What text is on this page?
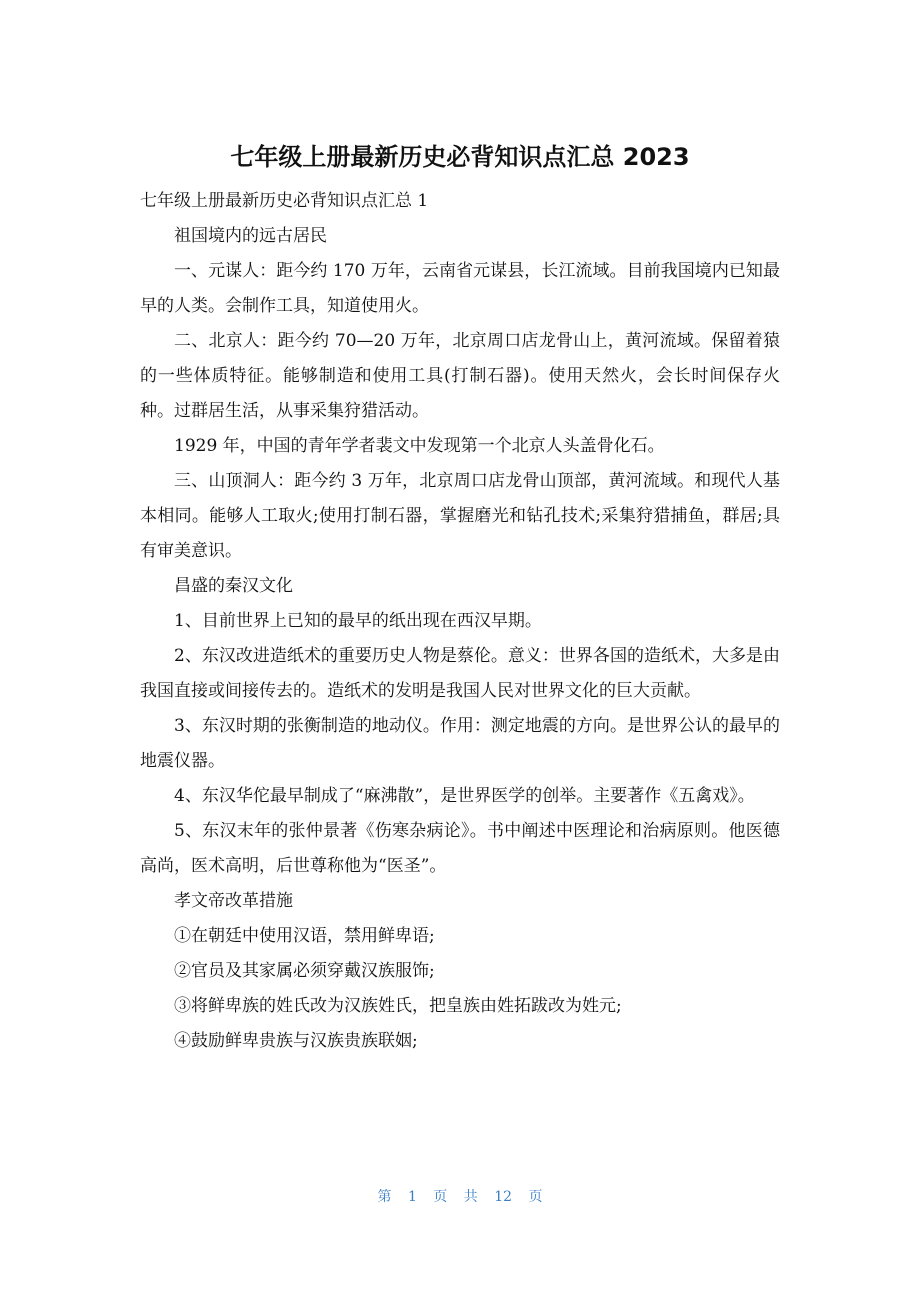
七年级上册最新历史必背知识点汇总 2023

七年级上册最新历史必背知识点汇总 1

祖国境内的远古居民

一、元谋人：距今约 170 万年，云南省元谋县，长江流域。目前我国境内已知最早的人类。会制作工具，知道使用火。

二、北京人：距今约 70—20 万年，北京周口店龙骨山上，黄河流域。保留着猿的一些体质特征。能够制造和使用工具(打制石器)。使用天然火，会长时间保存火种。过群居生活，从事采集狩猎活动。

1929 年，中国的青年学者裴文中发现第一个北京人头盖骨化石。

三、山顶洞人：距今约 3 万年，北京周口店龙骨山顶部，黄河流域。和现代人基本相同。能够人工取火;使用打制石器，掌握磨光和钻孔技术;采集狩猎捕鱼，群居;具有审美意识。

昌盛的秦汉文化

1、目前世界上已知的最早的纸出现在西汉早期。

2、东汉改进造纸术的重要历史人物是蔡伦。意义：世界各国的造纸术，大多是由我国直接或间接传去的。造纸术的发明是我国人民对世界文化的巨大贡献。

3、东汉时期的张衡制造的地动仪。作用：测定地震的方向。是世界公认的最早的地震仪器。

4、东汉华佗最早制成了“麻沸散”，是世界医学的创举。主要著作《五禽戏》。

5、东汉末年的张仲景著《伤寒杂病论》。书中阐述中医理论和治病原则。他医德高尚，医术高明，后世尊称他为“医圣”。

孝文帝改革措施

①在朝廷中使用汉语，禁用鲜卑语;

②官员及其家属必须穿戴汉族服饰;

③将鲜卑族的姓氏改为汉族姓氏，把皇族由姓拓跋改为姓元;

④鼓励鲜卑贵族与汉族贵族联姻;

第 1 页 共 12 页
